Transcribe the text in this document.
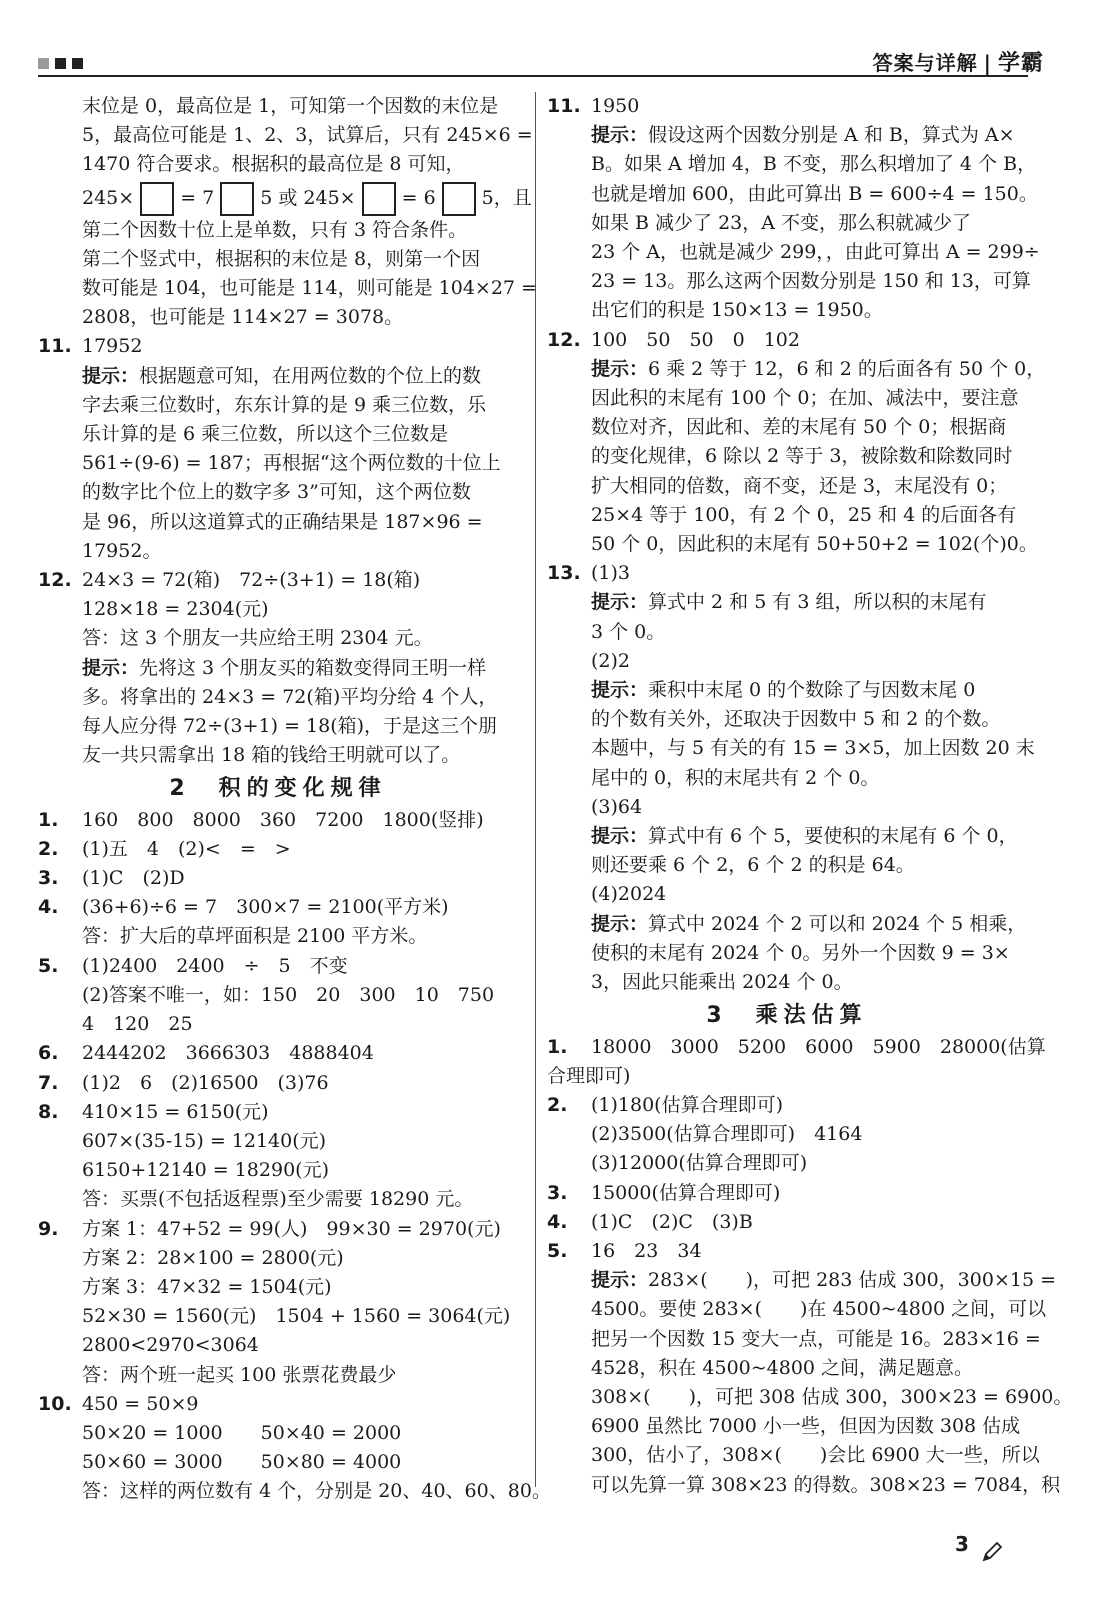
答案与详解 | 学霸
末位是 0，最高位是 1，可知第一个因数的末位是
5，最高位可能是 1、2、3，试算后，只有 245×6 =
1470 符合要求。根据积的最高位是 8 可知，
245× = 7 5 或 245× = 6 5，且
第二个因数十位上是单数，只有 3 符合条件。
第二个竖式中，根据积的末位是 8，则第一个因
数可能是 104，也可能是 114，则可能是 104×27 =
2808，也可能是 114×27 = 3078。
11. 17952
提示：根据题意可知，在用两位数的个位上的数
字去乘三位数时，东东计算的是 9 乘三位数，乐
乐计算的是 6 乘三位数，所以这个三位数是
561÷(9-6) = 187；再根据“这个两位数的十位上
的数字比个位上的数字多 3”可知，这个两位数
是 96，所以这道算式的正确结果是 187×96 =
17952。
12. 24×3 = 72(箱)　72÷(3+1) = 18(箱)
128×18 = 2304(元)
答：这 3 个朋友一共应给王明 2304 元。
提示：先将这 3 个朋友买的箱数变得同王明一样
多。将拿出的 24×3 = 72(箱)平均分给 4 个人，
每人应分得 72÷(3+1) = 18(箱)，于是这三个朋
友一共只需拿出 18 箱的钱给王明就可以了。
2　 积的变化规律
1. 160　800　8000　360　7200　1800(竖排)
2. (1)五　4　(2)<　=　>
3. (1)C　(2)D
4. (36+6)÷6 = 7　300×7 = 2100(平方米)
答：扩大后的草坪面积是 2100 平方米。
5. (1)2400　2400　÷　5　不变
(2)答案不唯一，如：150　20　300　10　750
4　120　25
6. 2444202　3666303　4888404
7. (1)2　6　(2)16500　(3)76
8. 410×15 = 6150(元)
607×(35-15) = 12140(元)
6150+12140 = 18290(元)
答：买票(不包括返程票)至少需要 18290 元。
9. 方案 1：47+52 = 99(人)　99×30 = 2970(元)
方案 2：28×100 = 2800(元)
方案 3：47×32 = 1504(元)
52×30 = 1560(元)　1504 + 1560 = 3064(元)
2800<2970<3064
答：两个班一起买 100 张票花费最少
10. 450 = 50×9
50×20 = 1000　　50×40 = 2000
50×60 = 3000　　50×80 = 4000
答：这样的两位数有 4 个，分别是 20、40、60、80。
11. 1950
提示：假设这两个因数分别是 A 和 B，算式为 A×
B。如果 A 增加 4，B 不变，那么积增加了 4 个 B，
也就是增加 600，由此可算出 B = 600÷4 = 150。
如果 B 减少了 23，A 不变，那么积就减少了
23 个 A，也就是减少 299，，由此可算出 A = 299÷
23 = 13。那么这两个因数分别是 150 和 13，可算
出它们的积是 150×13 = 1950。
12. 100　50　50　0　102
提示：6 乘 2 等于 12，6 和 2 的后面各有 50 个 0，
因此积的末尾有 100 个 0；在加、减法中，要注意
数位对齐，因此和、差的末尾有 50 个 0；根据商
的变化规律，6 除以 2 等于 3，被除数和除数同时
扩大相同的倍数，商不变，还是 3，末尾没有 0；
25×4 等于 100，有 2 个 0，25 和 4 的后面各有
50 个 0，因此积的末尾有 50+50+2 = 102(个)0。
13. (1)3
提示：算式中 2 和 5 有 3 组，所以积的末尾有
3 个 0。
(2)2
提示：乘积中末尾 0 的个数除了与因数末尾 0
的个数有关外，还取决于因数中 5 和 2 的个数。
本题中，与 5 有关的有 15 = 3×5，加上因数 20 末
尾中的 0，积的末尾共有 2 个 0。
(3)64
提示：算式中有 6 个 5，要使积的末尾有 6 个 0，
则还要乘 6 个 2，6 个 2 的积是 64。
(4)2024
提示：算式中 2024 个 2 可以和 2024 个 5 相乘，
使积的末尾有 2024 个 0。另外一个因数 9 = 3×
3，因此只能乘出 2024 个 0。
3　 乘法估算
1. 18000　3000　5200　6000　5900　28000(估算
合理即可)
2. (1)180(估算合理即可)
(2)3500(估算合理即可)　4164
(3)12000(估算合理即可)
3. 15000(估算合理即可)
4. (1)C　(2)C　(3)B
5. 16　23　34
提示：283×(　　)，可把 283 估成 300，300×15 =
4500。要使 283×(　　)在 4500~4800 之间，可以
把另一个因数 15 变大一点，可能是 16。283×16 =
4528，积在 4500~4800 之间，满足题意。
308×(　　)，可把 308 估成 300，300×23 = 6900。
6900 虽然比 7000 小一些，但因为因数 308 估成
300，估小了，308×(　　)会比 6900 大一些，所以
可以先算一算 308×23 的得数。308×23 = 7084，积
3
